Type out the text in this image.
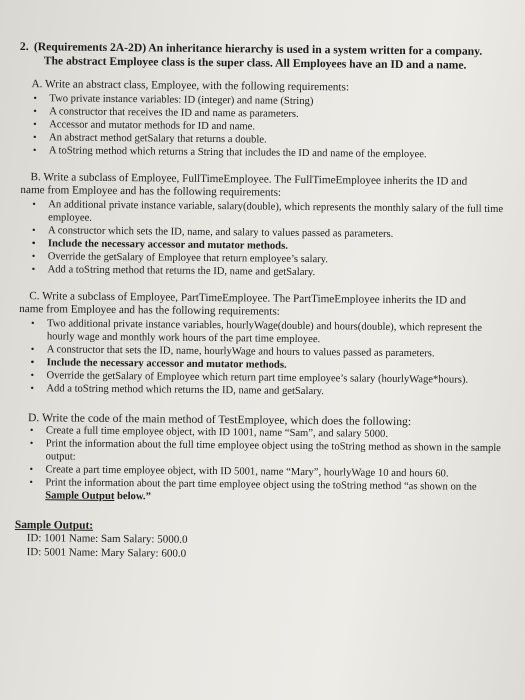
2. (Requirements 2A-2D) An inheritance hierarchy is used in a system written for a company.
The abstract Employee class is the super class. All Employees have an ID and a name.
A. Write an abstract class, Employee, with the following requirements:
• Two private instance variables: ID (integer) and name (String)
• A constructor that receives the ID and name as parameters.
• Accessor and mutator methods for ID and name.
• An abstract method getSalary that returns a double.
• A toString method which returns a String that includes the ID and name of the employee.
B. Write a subclass of Employee, FullTimeEmployee. The FullTimeEmployee inherits the ID and
name from Employee and has the following requirements:
• An additional private instance variable, salary(double), which represents the monthly salary of the full time employee.
• A constructor which sets the ID, name, and salary to values passed as parameters.
• Include the necessary accessor and mutator methods.
• Override the getSalary of Employee that return employee’s salary.
• Add a toString method that returns the ID, name and getSalary.
C. Write a subclass of Employee, PartTimeEmployee. The PartTimeEmployee inherits the ID and
name from Employee and has the following requirements:
• Two additional private instance variables, hourlyWage(double) and hours(double), which represent the hourly wage and monthly work hours of the part time employee.
• A constructor that sets the ID, name, hourlyWage and hours to values passed as parameters.
• Include the necessary accessor and mutator methods.
• Override the getSalary of Employee which return part time employee’s salary (hourlyWage*hours).
• Add a toString method which returns the ID, name and getSalary.
D. Write the code of the main method of TestEmployee, which does the following:
• Create a full time employee object, with ID 1001, name “Sam”, and salary 5000.
• Print the information about the full time employee object using the toString method as shown in the sample output:
• Create a part time employee object, with ID 5001, name “Mary”, hourlyWage 10 and hours 60.
• Print the information about the part time employee object using the toString method “as shown on the Sample Output below.”
Sample Output:
ID: 1001 Name: Sam Salary: 5000.0
ID: 5001 Name: Mary Salary: 600.0
